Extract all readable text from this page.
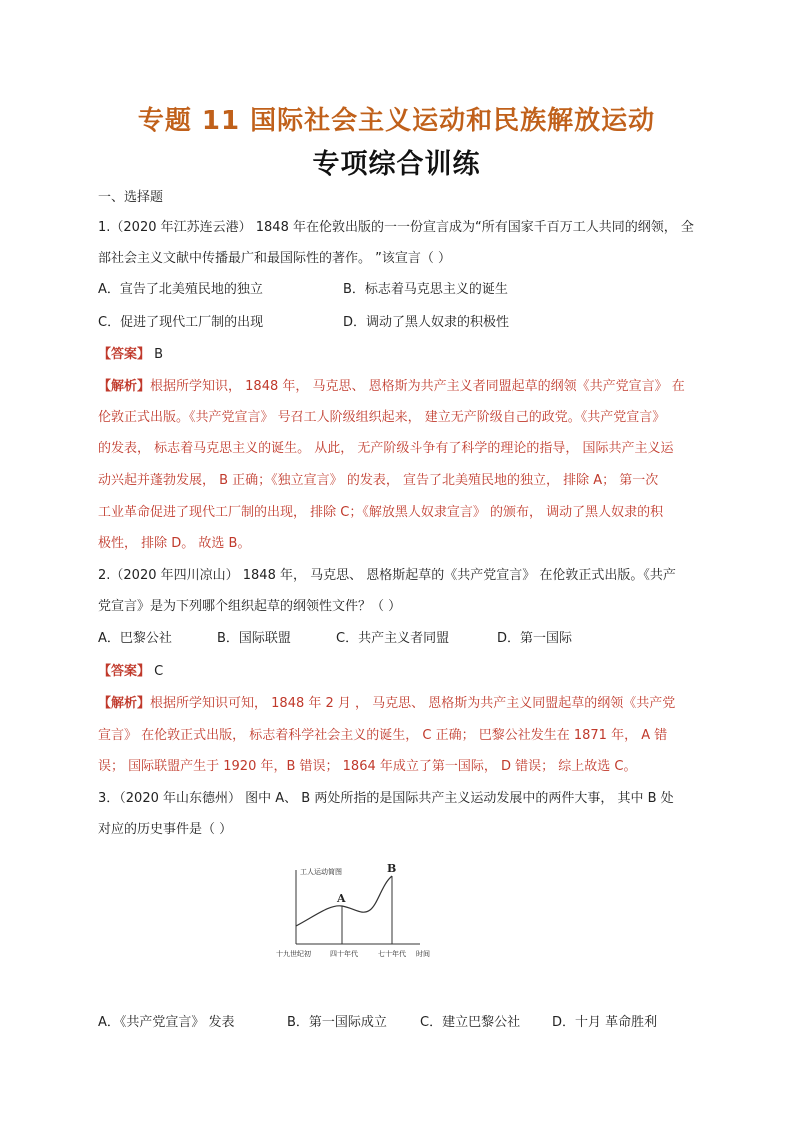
专题 11 国际社会主义运动和民族解放运动
专项综合训练
一、选择题
1.（2020 年江苏连云港） 1848 年在伦敦出版的一一份宣言成为“所有国家千百万工人共同的纲领， 全
部社会主义文献中传播最广和最国际性的著作。 ”该宣言（ ）
A．宣告了北美殖民地的独立	B．标志着马克思主义的诞生
C．促进了现代工厂制的出现	D．调动了黑人奴隶的积极性
【答案】 B
【解析】根据所学知识， 1848 年， 马克思、 恩格斯为共产主义者同盟起草的纲领《共产党宣言》 在
伦敦正式出版。《共产党宣言》 号召工人阶级组织起来， 建立无产阶级自己的政党。《共产党宣言》
的发表， 标志着马克思主义的诞生。 从此， 无产阶级斗争有了科学的理论的指导， 国际共产主义运
动兴起并蓬勃发展， B 正确；《独立宣言》 的发表， 宣告了北美殖民地的独立， 排除 A； 第一次
工业革命促进了现代工厂制的出现， 排除 C；《解放黑人奴隶宣言》 的颁布， 调动了黑人奴隶的积
极性， 排除 D。 故选 B。
2.（2020 年四川凉山） 1848 年， 马克思、 恩格斯起草的《共产党宣言》 在伦敦正式出版。《共产
党宣言》是为下列哪个组织起草的纲领性文件？（ ）
A．巴黎公社	B．国际联盟	C．共产主义者同盟	D．第一国际
【答案】 C
【解析】根据所学知识可知， 1848 年 2 月 ， 马克思、 恩格斯为共产主义同盟起草的纲领《共产党
宣言》 在伦敦正式出版， 标志着科学社会主义的诞生， C 正确； 巴黎公社发生在 1871 年， A 错
误； 国际联盟产生于 1920 年，B 错误； 1864 年成立了第一国际， D 错误； 综上故选 C。
3．（2020 年山东德州） 图中 A、 B 两处所指的是国际共产主义运动发展中的两件大事， 其中 B 处
对应的历史事件是（ ）
工人运动简图
A
B
十九世纪初	四十年代	七十年代 时间
A．《共产党宣言》 发表	B．第一国际成立	C．建立巴黎公社 D．十月 革命胜利
